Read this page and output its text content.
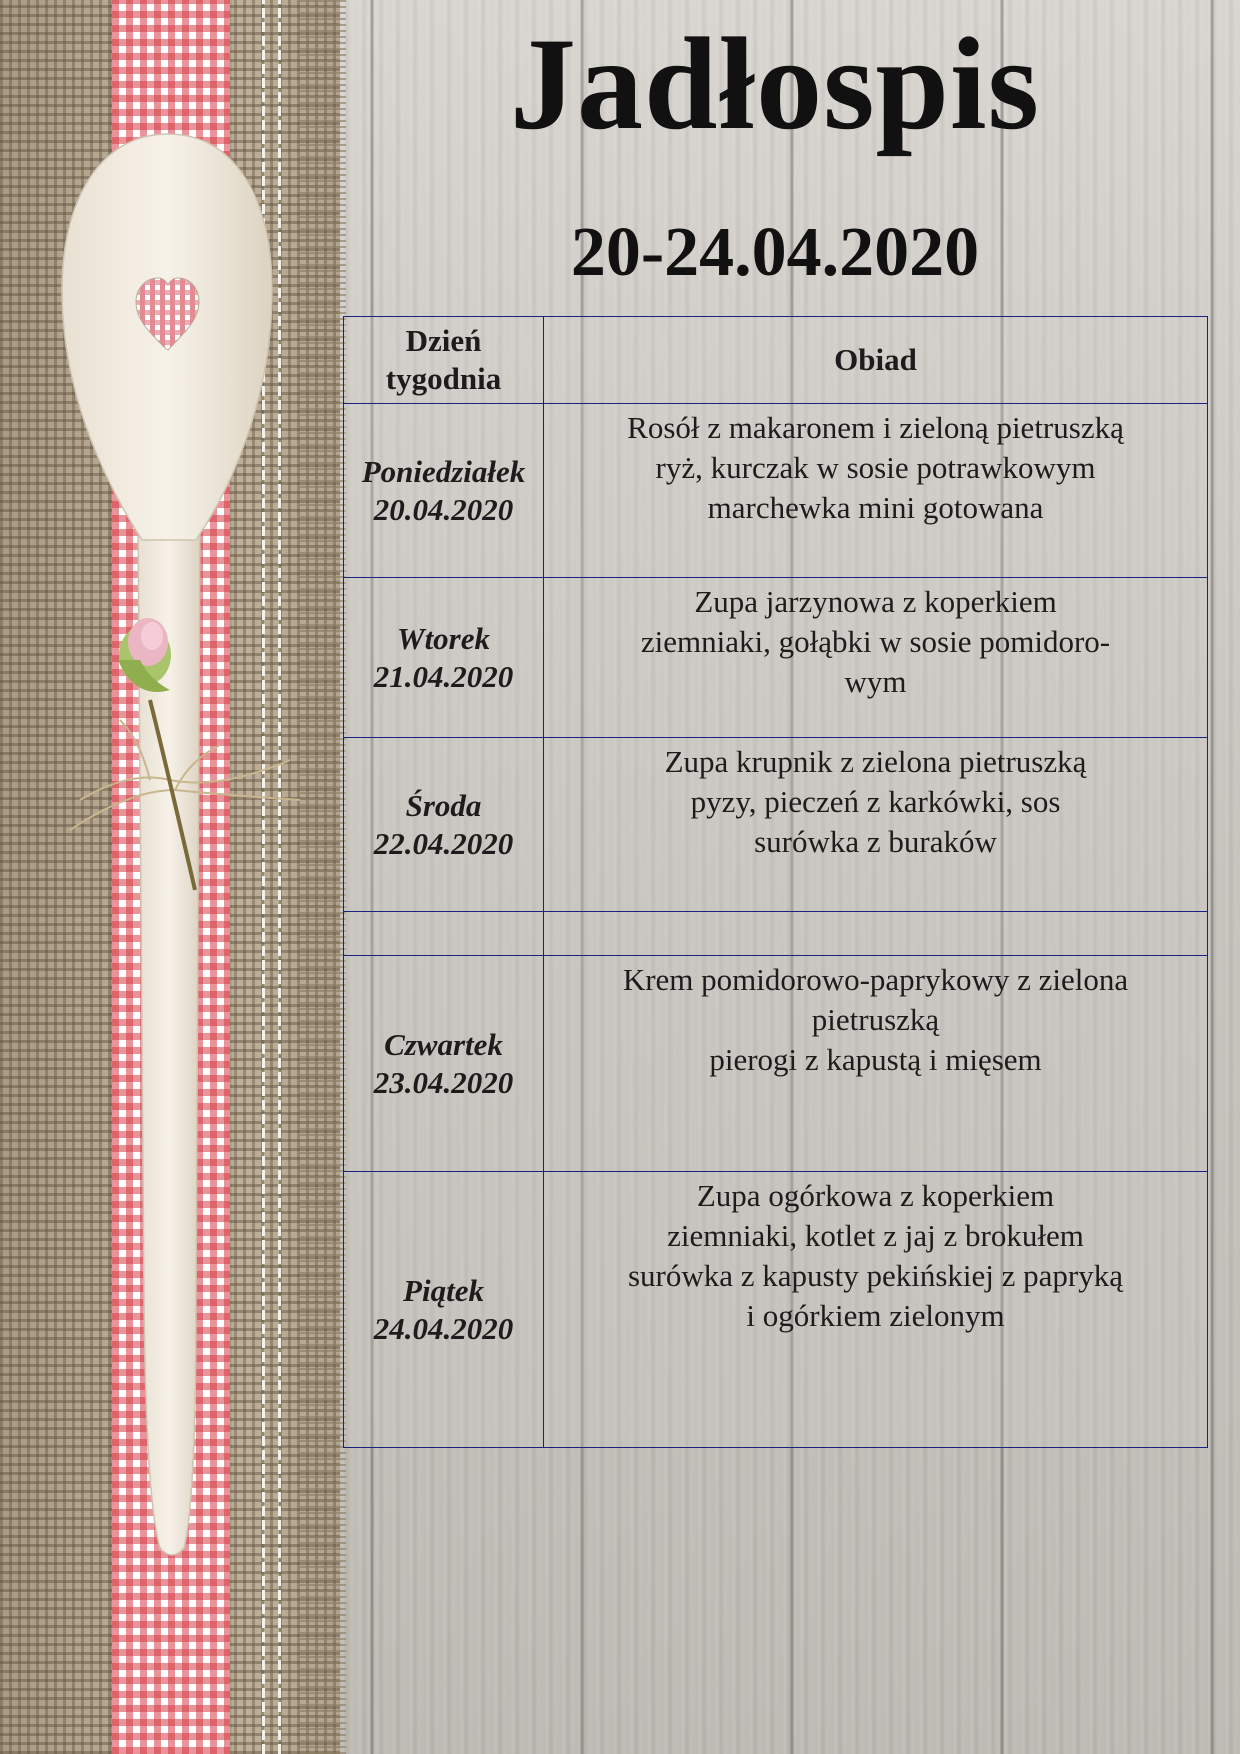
Jadłospis
20-24.04.2020
Dzień
tygodnia	Obiad

Poniedziałek
20.04.2020	Rosół z makaronem i zieloną pietruszką
ryż, kurczak w sosie potrawkowym
marchewka mini gotowana

Wtorek
21.04.2020	Zupa jarzynowa z koperkiem
ziemniaki, gołąbki w sosie pomidoro-
wym

Środa
22.04.2020	Zupa krupnik z zielona pietruszką
pyzy, pieczeń z karkówki, sos
surówka z buraków

Czwartek
23.04.2020	Krem pomidorowo-paprykowy z zielona
pietruszką
pierogi z kapustą i mięsem

Piątek
24.04.2020	Zupa ogórkowa z koperkiem
ziemniaki, kotlet z jaj z brokułem
surówka z kapusty pekińskiej z papryką
i ogórkiem zielonym
